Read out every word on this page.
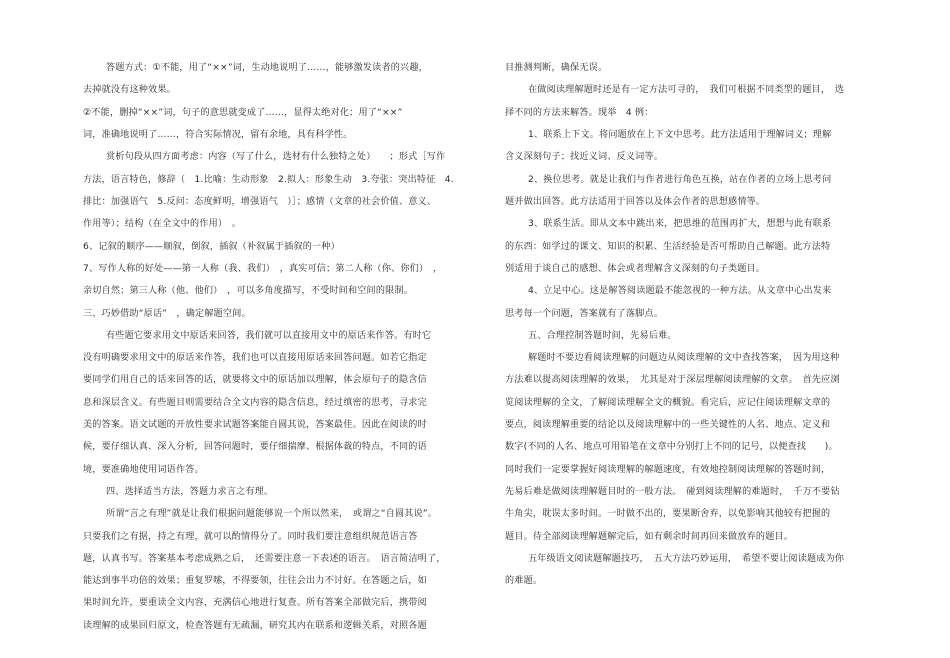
答题方式：①不能，用了“××”词，生动地说明了……，能够激发读者的兴趣，
去掉就没有这种效果。
②不能，删掉“××”词，句子的意思就变成了……，显得太绝对化；用了“××”
词，准确地说明了……，符合实际情况，留有余地，具有科学性。
赏析句段从四方面考虑：内容（写了什么，选材有什么独特之处）　　；形式［写作
方法，语言特色，修辞（　1.比喻：生动形象　2.拟人：形象生动　3.夸张：突出特征　4.
排比：加强语气　5.反问：态度鲜明，增强语气　）］；感情（文章的社会价值、意义、
作用等）；结构（在全文中的作用）　。
6、记叙的顺序——顺叙，倒叙，插叙（补叙属于插叙的一种）
7、写作人称的好处——第一人称（我、我们）　，真实可信；第二人称（你、你们）　，
亲切自然；第三人称（他、他们）　，可以多角度描写，不受时间和空间的限制。
三、巧妙借助“原话”　，确定解题空间。
有些题它要求用文中原话来回答，我们就可以直接用文中的原话来作答。有时它
没有明确要求用文中的原话来作答，我们也可以直接用原话来回答问题。如若它指定
要同学们用自己的话来回答的话，就要将文中的原话加以理解，体会原句子的隐含信
息和深层含义。有些题目则需要结合全文内容的隐含信息，经过缜密的思考，寻求完
美的答案。语文试题的开放性要求试题答案能自圆其说，答案最佳。因此在阅读的时
候，要仔细认真、深入分析，回答问题时，要仔细揣摩、根据体裁的特点，不同的语
境，要准确地使用词语作答。
四、选择适当方法，答题力求言之有理。
所谓“言之有理”就是让我们根据问题能够说一个所以然来，　或谓之“自圆其说”。
只要我们之有据，持之有理，就可以酌情得分了。同时我们要注意组织规范语言答
题，认真书写。答案基本考虑成熟之后，　还需要注意一下表述的语言。　语言简洁明了，
能达到事半功倍的效果；重复罗嗦，不得要领，往往会出力不讨好。在答题之后，如
果时间允许，要重读全文内容，充满信心地进行复查。所有答案全部做完后，携带阅
读理解的成果回归原文，检查答题有无疏漏，研究其内在联系和逻辑关系，对照各题
目推测判断，确保无误。
在做阅读理解题时还是有一定方法可寻的，　我们可根据不同类型的题目，　选
择不同的方法来解答。现举　4 例：
1、联系上下文。将问题放在上下文中思考。此方法适用于理解词义；理解
含义深刻句子；找近义词、反义词等。
2、换位思考。就是让我们与作者进行角色互换，站在作者的立场上思考问
题并做出回答。此方法适用于回答以及体会作者的思想感情等。
3、联系生活。即从文本中跳出来，把思维的范围再扩大，想想与此有联系
的东西：如学过的课文、知识的积累、生活经验是否可帮助自己解题。此方法特
别适用于谈自己的感想、体会或者理解含义深刻的句子类题目。
4、立足中心。这是解答阅读题最不能忽视的一种方法。从文章中心出发来
思考每一个问题，答案就有了落脚点。
五、合理控制答题时间，先易后难。
解题时不要边看阅读理解的问题边从阅读理解的文中查找答案，　因为用这种
方法难以提高阅读理解的效果，　尤其是对于深层理解阅读理解的文章。　首先应浏
览阅读理解的全文，了解阅读理解全文的概貌。看完后，应记住阅读理解文章的
要点，阅读理解重要的结论以及阅读理解中的一些关键性的人名、地点、定义和
数字(不同的人名、地点可用铅笔在文章中分别打上不同的记号，以便查找　　)。
同时我们一定要掌握好阅读理解的解题速度，有效地控制阅读理解的答题时间，
先易后难是做阅读理解题目时的一般方法。　碰到阅读理解的难题时，　千万不要钻
牛角尖，耽误太多时间。一时做不出的，要果断舍弃，以免影响其他较有把握的
题目。待全部阅读理解题解完后，如有剩余时间再回来做放弃的题目。
五年级语文阅读题解题技巧，　五大方法巧妙运用，　希望不要让阅读题成为你
的难题。
